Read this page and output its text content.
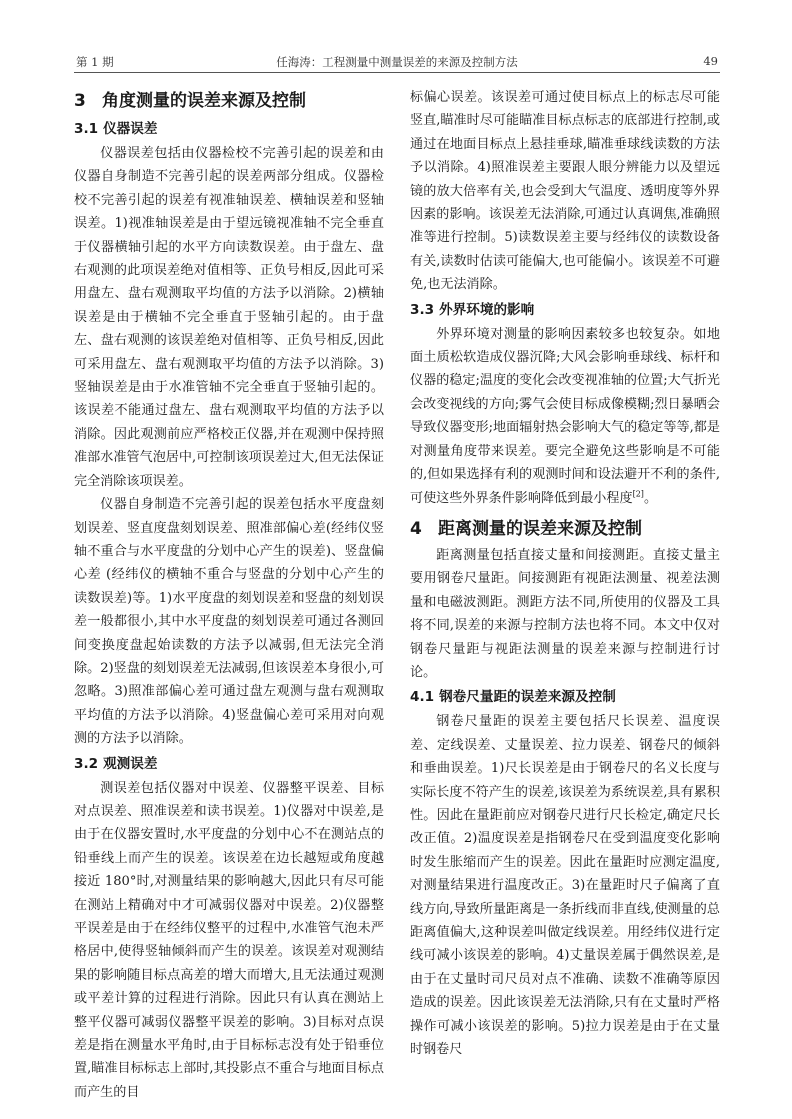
第 1 期	任海涛：工程测量中测量误差的来源及控制方法	49
3 角度测量的误差来源及控制
3.1 仪器误差

仪器误差包括由仪器检校不完善引起的误差和由仪器自身制造不完善引起的误差两部分组成。仪器检校不完善引起的误差有视准轴误差、横轴误差和竖轴误差。1)视准轴误差是由于望远镜视准轴不完全垂直于仪器横轴引起的水平方向读数误差。由于盘左、盘右观测的此项误差绝对值相等、正负号相反,因此可采用盘左、盘右观测取平均值的方法予以消除。2)横轴误差是由于横轴不完全垂直于竖轴引起的。由于盘左、盘右观测的该误差绝对值相等、正负号相反,因此可采用盘左、盘右观测取平均值的方法予以消除。3)竖轴误差是由于水准管轴不完全垂直于竖轴引起的。该误差不能通过盘左、盘右观测取平均值的方法予以消除。因此观测前应严格校正仪器,并在观测中保持照准部水准管气泡居中,可控制该项误差过大,但无法保证完全消除该项误差。

仪器自身制造不完善引起的误差包括水平度盘刻划误差、竖直度盘刻划误差、照准部偏心差(经纬仪竖轴不重合与水平度盘的分划中心产生的误差)、竖盘偏心差 (经纬仪的横轴不重合与竖盘的分划中心产生的读数误差)等。1)水平度盘的刻划误差和竖盘的刻划误差一般都很小,其中水平度盘的刻划误差可通过各测回间变换度盘起始读数的方法予以减弱,但无法完全消除。2)竖盘的刻划误差无法减弱,但该误差本身很小,可忽略。3)照准部偏心差可通过盘左观测与盘右观测取平均值的方法予以消除。4)竖盘偏心差可采用对向观测的方法予以消除。

3.2 观测误差

测误差包括仪器对中误差、仪器整平误差、目标对点误差、照准误差和读书误差。1)仪器对中误差,是由于在仪器安置时,水平度盘的分划中心不在测站点的铅垂线上而产生的误差。该误差在边长越短或角度越接近 180°时,对测量结果的影响越大,因此只有尽可能在测站上精确对中才可减弱仪器对中误差。2)仪器整平误差是由于在经纬仪整平的过程中,水准管气泡未严格居中,使得竖轴倾斜而产生的误差。该误差对观测结果的影响随目标点高差的增大而增大,且无法通过观测或平差计算的过程进行消除。因此只有认真在测站上整平仪器可减弱仪器整平误差的影响。3)目标对点误差是指在测量水平角时,由于目标标志没有处于铅垂位置,瞄准目标标志上部时,其投影点不重合与地面目标点而产生的目

标偏心误差。该误差可通过使目标点上的标志尽可能竖直,瞄准时尽可能瞄准目标点标志的底部进行控制,或通过在地面目标点上悬挂垂球,瞄准垂球线读数的方法予以消除。4)照准误差主要跟人眼分辨能力以及望远镜的放大倍率有关,也会受到大气温度、透明度等外界因素的影响。该误差无法消除,可通过认真调焦,准确照准等进行控制。5)读数误差主要与经纬仪的读数设备有关,读数时估读可能偏大,也可能偏小。该误差不可避免,也无法消除。

3.3 外界环境的影响

外界环境对测量的影响因素较多也较复杂。如地面土质松软造成仪器沉降;大风会影响垂球线、标杆和仪器的稳定;温度的变化会改变视准轴的位置;大气折光会改变视线的方向;雾气会使目标成像模糊;烈日暴晒会导致仪器变形;地面辐射热会影响大气的稳定等等,都是对测量角度带来误差。要完全避免这些影响是不可能的,但如果选择有利的观测时间和设法避开不利的条件,可使这些外界条件影响降低到最小程度[2]。

4 距离测量的误差来源及控制

距离测量包括直接丈量和间接测距。直接丈量主要用钢卷尺量距。间接测距有视距法测量、视差法测量和电磁波测距。测距方法不同,所使用的仪器及工具将不同,误差的来源与控制方法也将不同。本文中仅对钢卷尺量距与视距法测量的误差来源与控制进行讨论。

4.1 钢卷尺量距的误差来源及控制

钢卷尺量距的误差主要包括尺长误差、温度误差、定线误差、丈量误差、拉力误差、钢卷尺的倾斜和垂曲误差。1)尺长误差是由于钢卷尺的名义长度与实际长度不符产生的误差,该误差为系统误差,具有累积性。因此在量距前应对钢卷尺进行尺长检定,确定尺长改正值。2)温度误差是指钢卷尺在受到温度变化影响时发生胀缩而产生的误差。因此在量距时应测定温度,对测量结果进行温度改正。3)在量距时尺子偏离了直线方向,导致所量距离是一条折线而非直线,使测量的总距离值偏大,这种误差叫做定线误差。用经纬仪进行定线可减小该误差的影响。4)丈量误差属于偶然误差,是由于在丈量时司尺员对点不准确、读数不准确等原因造成的误差。因此该误差无法消除,只有在丈量时严格操作可减小该误差的影响。5)拉力误差是由于在丈量时钢卷尺
